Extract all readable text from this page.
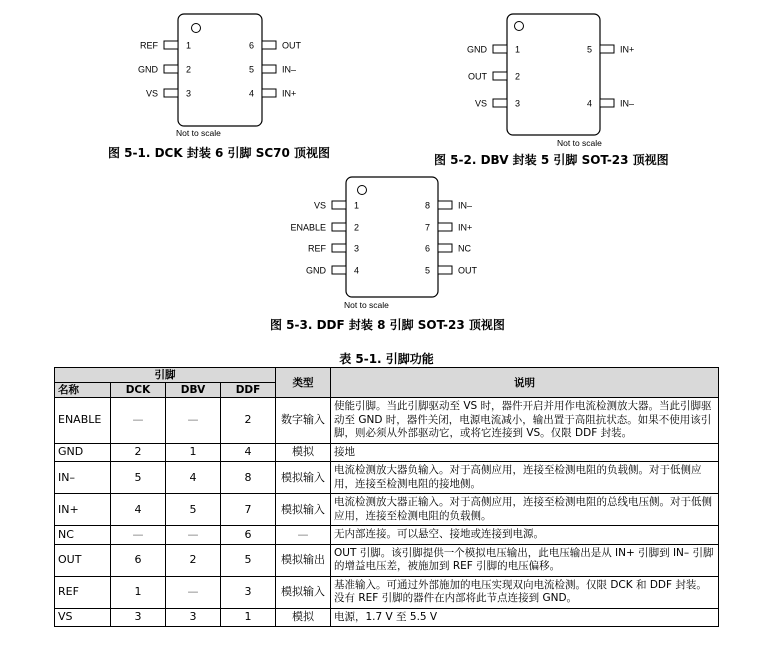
REF	1
GND	2
VS	3
OUT
6
IN–
5
IN+
4
Not to scale
GND	1
OUT	2
VS	3
IN+
5
IN–
4
Not to scale
VS	1
ENABLE	2
REF	3
GND	4
IN–
8
IN+
7
NC
6
OUT
5
Not to scale
图 5-1. DCK 封装 6 引脚 SC70 顶视图	图 5-2. DBV 封装 5 引脚 SOT-23 顶视图
图 5-3. DDF 封装 8 引脚 SOT-23 顶视图
表 5-1. 引脚功能
引脚				类型	说明
名称	DCK	DBV	DDF		
ENABLE	—	—	2	数字输入	使能引脚。当此引脚驱动至 VS 时，器件开启并用作电流检测放大器。当此引脚驱动至 GND 时，器件关闭，电源电流减小，输出置于高阻抗状态。如果不使用该引脚，则必须从外部驱动它，或将它连接到 VS。仅限 DDF 封装。
GND	2	1	4	模拟	接地
IN–	5	4	8	模拟输入	电流检测放大器负输入。对于高侧应用，连接至检测电阻的负载侧。对于低侧应用，连接至检测电阻的接地侧。
IN+	4	5	7	模拟输入	电流检测放大器正输入。对于高侧应用，连接至检测电阻的总线电压侧。对于低侧应用，连接至检测电阻的负载侧。
NC	—	—	6	—	无内部连接。可以悬空、接地或连接到电源。
OUT	6	2	5	模拟输出	OUT 引脚。该引脚提供一个模拟电压输出，此电压输出是从 IN+ 引脚到 IN– 引脚的增益电压差，被施加到 REF 引脚的电压偏移。
REF	1	—	3	模拟输入	基准输入。可通过外部施加的电压实现双向电流检测。仅限 DCK 和 DDF 封装。没有 REF 引脚的器件在内部将此节点连接到 GND。
VS	3	3	1	模拟	电源，1.7 V 至 5.5 V
